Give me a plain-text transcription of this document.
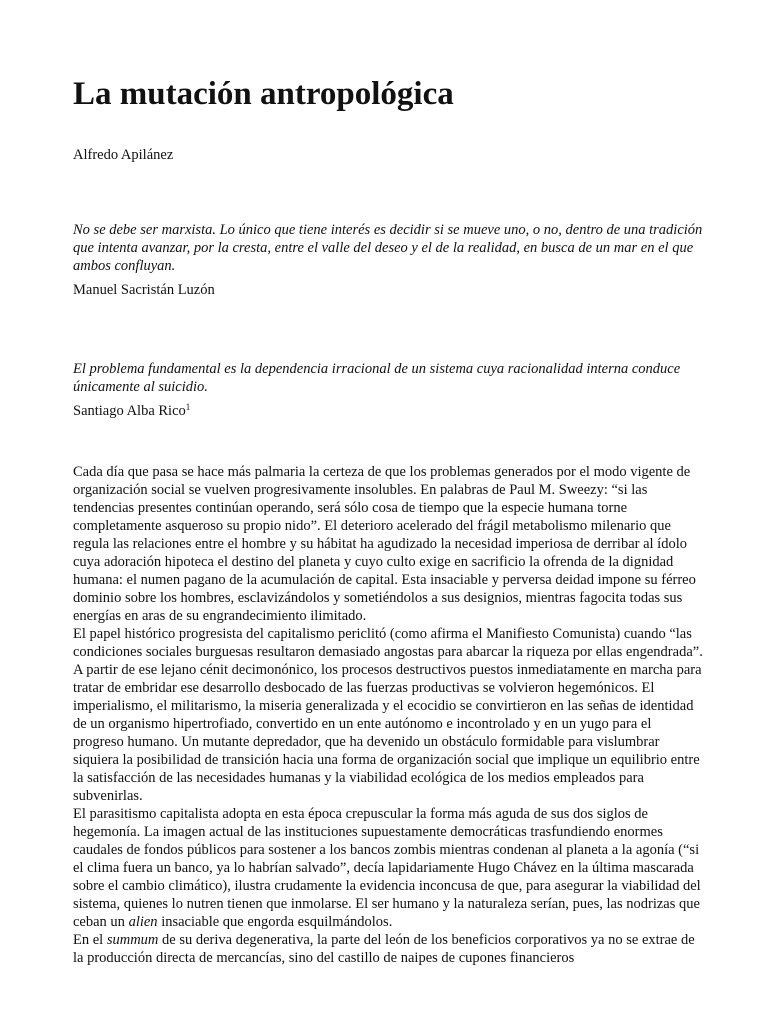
La mutación antropológica

Alfredo Apilánez

No se debe ser marxista. Lo único que tiene interés es decidir si se mueve uno, o no, dentro de una tradición que intenta avanzar, por la cresta, entre el valle del deseo y el de la realidad, en busca de un mar en el que ambos confluyan.

Manuel Sacristán Luzón

El problema fundamental es la dependencia irracional de un sistema cuya racionalidad interna conduce únicamente al suicidio.

Santiago Alba Rico$^1$

Cada día que pasa se hace más palmaria la certeza de que los problemas generados por el modo vigente de organización social se vuelven progresivamente insolubles. En palabras de Paul M. Sweezy: “si las tendencias presentes continúan operando, será sólo cosa de tiempo que la especie humana torne completamente asqueroso su propio nido”. El deterioro acelerado del frágil metabolismo milenario que regula las relaciones entre el hombre y su hábitat ha agudizado la necesidad imperiosa de derribar al ídolo cuya adoración hipoteca el destino del planeta y cuyo culto exige en sacrificio la ofrenda de la dignidad humana: el numen pagano de la acumulación de capital. Esta insaciable y perversa deidad impone su férreo dominio sobre los hombres, esclavizándolos y sometiéndolos a sus designios, mientras fagocita todas sus energías en aras de su engrandecimiento ilimitado.

El papel histórico progresista del capitalismo periclitó (como afirma el Manifiesto Comunista) cuando “las condiciones sociales burguesas resultaron demasiado angostas para abarcar la riqueza por ellas engendrada”. A partir de ese lejano cénit decimonónico, los procesos destructivos puestos inmediatamente en marcha para tratar de embridar ese desarrollo desbocado de las fuerzas productivas se volvieron hegemónicos. El imperialismo, el militarismo, la miseria generalizada y el ecocidio se convirtieron en las señas de identidad de un organismo hipertrofiado, convertido en un ente autónomo e incontrolado y en un yugo para el progreso humano. Un mutante depredador, que ha devenido un obstáculo formidable para vislumbrar siquiera la posibilidad de transición hacia una forma de organización social que implique un equilibrio entre la satisfacción de las necesidades humanas y la viabilidad ecológica de los medios empleados para subvenirlas.

El parasitismo capitalista adopta en esta época crepuscular la forma más aguda de sus dos siglos de hegemonía. La imagen actual de las instituciones supuestamente democráticas trasfundiendo enormes caudales de fondos públicos para sostener a los bancos zombis mientras condenan al planeta a la agonía (“si el clima fuera un banco, ya lo habrían salvado”, decía lapidariamente Hugo Chávez en la última mascarada sobre el cambio climático), ilustra crudamente la evidencia inconcusa de que, para asegurar la viabilidad del sistema, quienes lo nutren tienen que inmolarse. El ser humano y la naturaleza serían, pues, las nodrizas que ceban un alien insaciable que engorda esquilmándolos.

En el summum de su deriva degenerativa, la parte del león de los beneficios corporativos ya no se extrae de la producción directa de mercancías, sino del castillo de naipes de cupones financieros
